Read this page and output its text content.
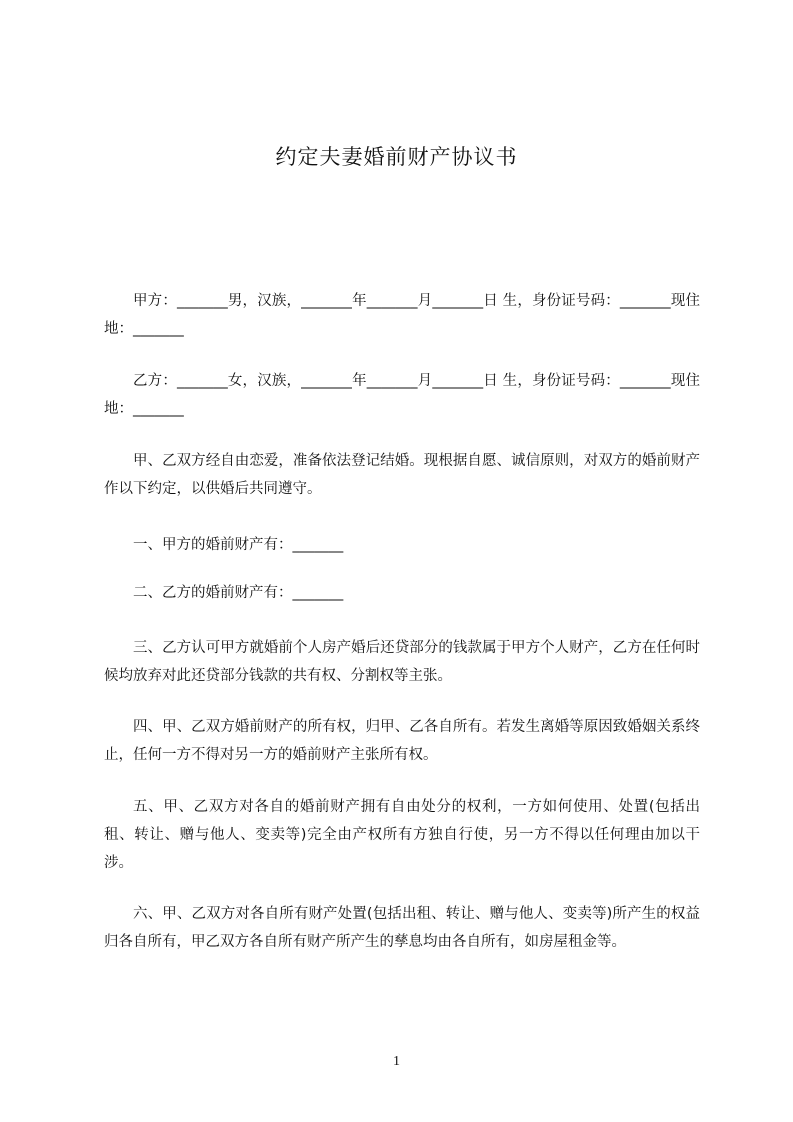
约定夫妻婚前财产协议书
甲方：_______男，汉族，_______年_______月_______日 生，身份证号码：_______现住地：_______
乙方：_______女，汉族，_______年_______月_______日 生，身份证号码：_______现住地：_______
甲、乙双方经自由恋爱，准备依法登记结婚。现根据自愿、诚信原则，对双方的婚前财产作以下约定，以供婚后共同遵守。
一、甲方的婚前财产有：_______
二、乙方的婚前财产有：_______
三、乙方认可甲方就婚前个人房产婚后还贷部分的钱款属于甲方个人财产，乙方在任何时候均放弃对此还贷部分钱款的共有权、分割权等主张。
四、甲、乙双方婚前财产的所有权，归甲、乙各自所有。若发生离婚等原因致婚姻关系终止，任何一方不得对另一方的婚前财产主张所有权。
五、甲、乙双方对各自的婚前财产拥有自由处分的权利，一方如何使用、处置(包括出租、转让、赠与他人、变卖等)完全由产权所有方独自行使，另一方不得以任何理由加以干涉。
六、甲、乙双方对各自所有财产处置(包括出租、转让、赠与他人、变卖等)所产生的权益归各自所有，甲乙双方各自所有财产所产生的孳息均由各自所有，如房屋租金等。
1
